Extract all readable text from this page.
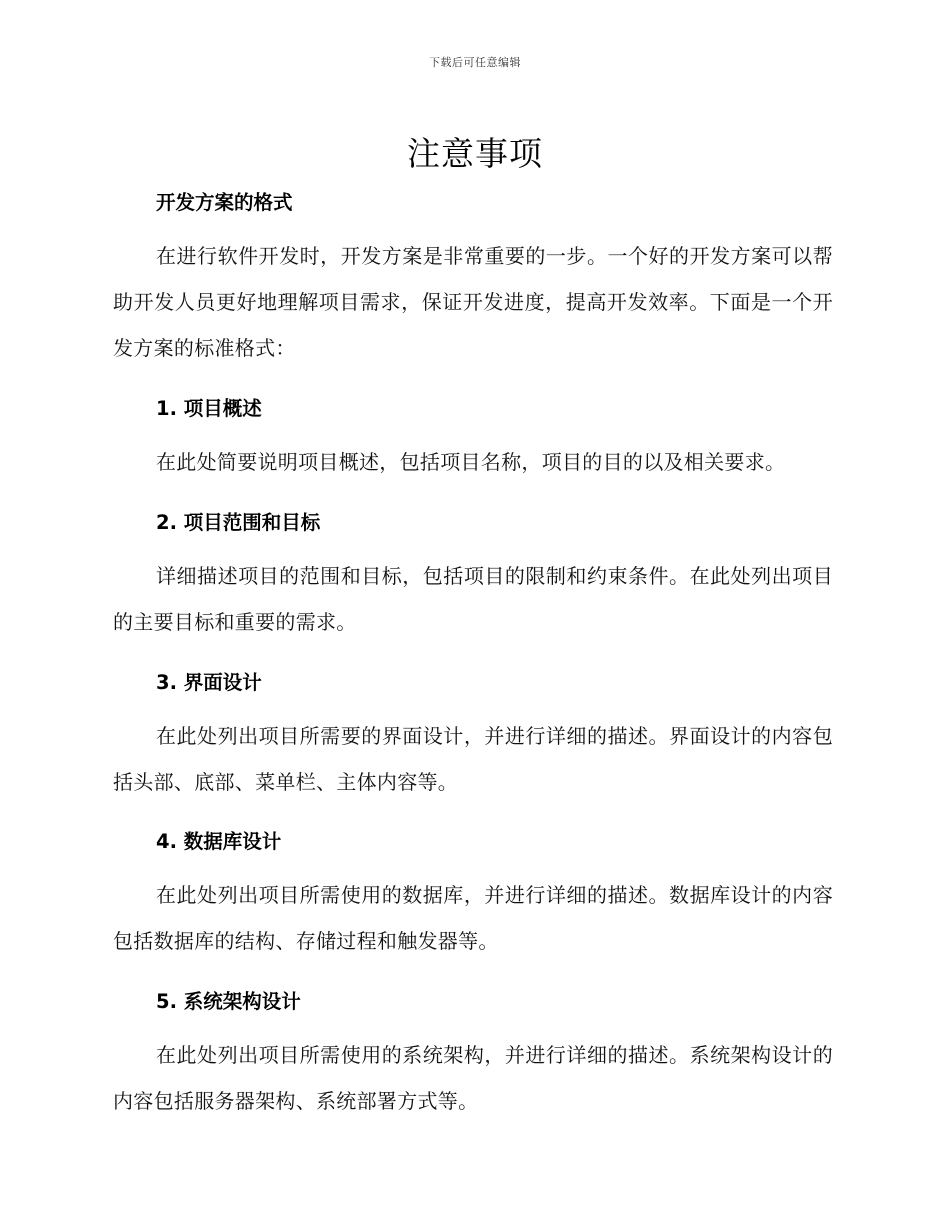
下载后可任意编辑
注意事项
开发方案的格式

在进行软件开发时，开发方案是非常重要的一步。一个好的开发方案可以帮助开发人员更好地理解项目需求，保证开发进度，提高开发效率。下面是一个开发方案的标准格式：

1. 项目概述

在此处简要说明项目概述，包括项目名称，项目的目的以及相关要求。

2. 项目范围和目标

详细描述项目的范围和目标，包括项目的限制和约束条件。在此处列出项目的主要目标和重要的需求。

3. 界面设计

在此处列出项目所需要的界面设计，并进行详细的描述。界面设计的内容包括头部、底部、菜单栏、主体内容等。

4. 数据库设计

在此处列出项目所需使用的数据库，并进行详细的描述。数据库设计的内容包括数据库的结构、存储过程和触发器等。

5. 系统架构设计

在此处列出项目所需使用的系统架构，并进行详细的描述。系统架构设计的内容包括服务器架构、系统部署方式等。
